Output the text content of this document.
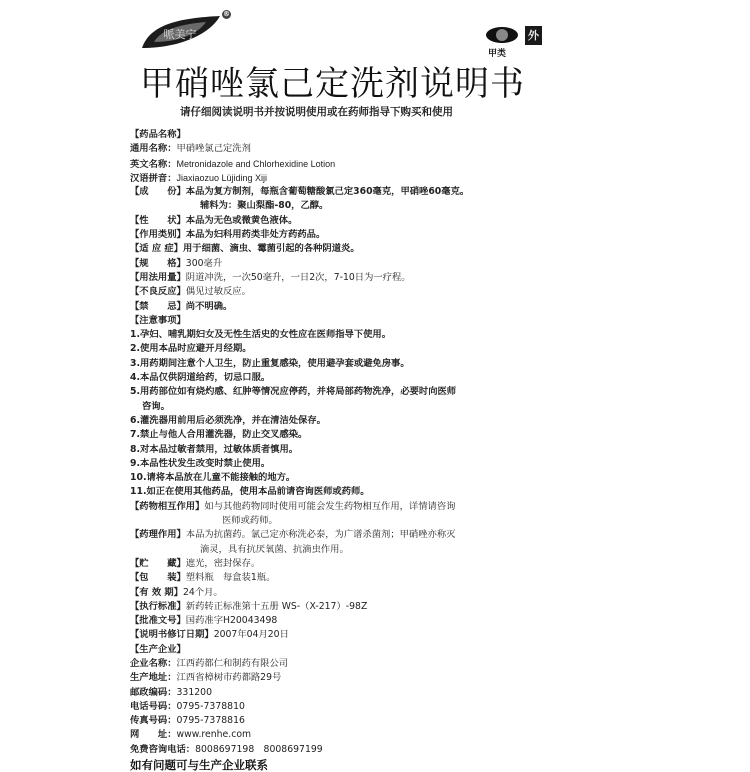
哌美宁
®
甲类
外
甲硝唑氯己定洗剂说明书
请仔细阅读说明书并按说明使用或在药师指导下购买和使用
【药品名称】
通用名称：甲硝唑氯己定洗剂
英文名称：Metronidazole and Chlorhexidine Lotion
汉语拼音：Jiaxiaozuo Lüjiding Xiji
【成　　份】本品为复方制剂，每瓶含葡萄糖酸氯己定360毫克，甲硝唑60毫克。
辅料为：聚山梨酯-80，乙醇。
【性　　状】本品为无色或微黄色液体。
【作用类别】本品为妇科用药类非处方药药品。
【适 应 症】用于细菌、滴虫、霉菌引起的各种阴道炎。
【规　　格】300毫升
【用法用量】阴道冲洗，一次50毫升，一日2次，7-10日为一疗程。
【不良反应】偶见过敏反应。
【禁　　忌】尚不明确。
【注意事项】
1.孕妇、哺乳期妇女及无性生活史的女性应在医师指导下使用。
2.使用本品时应避开月经期。
3.用药期间注意个人卫生，防止重复感染，使用避孕套或避免房事。
4.本品仅供阴道给药，切忌口服。
5.用药部位如有烧灼感、红肿等情况应停药，并将局部药物洗净，必要时向医师
咨询。
6.灌洗器用前用后必须洗净，并在清洁处保存。
7.禁止与他人合用灌洗器，防止交叉感染。
8.对本品过敏者禁用，过敏体质者慎用。
9.本品性状发生改变时禁止使用。
10.请将本品放在儿童不能接触的地方。
11.如正在使用其他药品，使用本品前请咨询医师或药师。
【药物相互作用】如与其他药物同时使用可能会发生药物相互作用，详情请咨询
医师或药师。
【药理作用】本品为抗菌药。氯己定亦称洗必泰，为广谱杀菌剂；甲硝唑亦称灭
滴灵，具有抗厌氧菌、抗滴虫作用。
【贮　　藏】遮光，密封保存。
【包　　装】塑料瓶　每盒装1瓶。
【有 效 期】24个月。
【执行标准】新药转正标准第十五册 WS-（X-217）-98Z
【批准文号】国药准字H20043498
【说明书修订日期】2007年04月20日
【生产企业】
企业名称：江西药都仁和制药有限公司
生产地址：江西省樟树市药都路29号
邮政编码：331200
电话号码：0795-7378810
传真号码：0795-7378816
网　　址：www.renhe.com
免费咨询电话：8008697198　8008697199
如有问题可与生产企业联系
